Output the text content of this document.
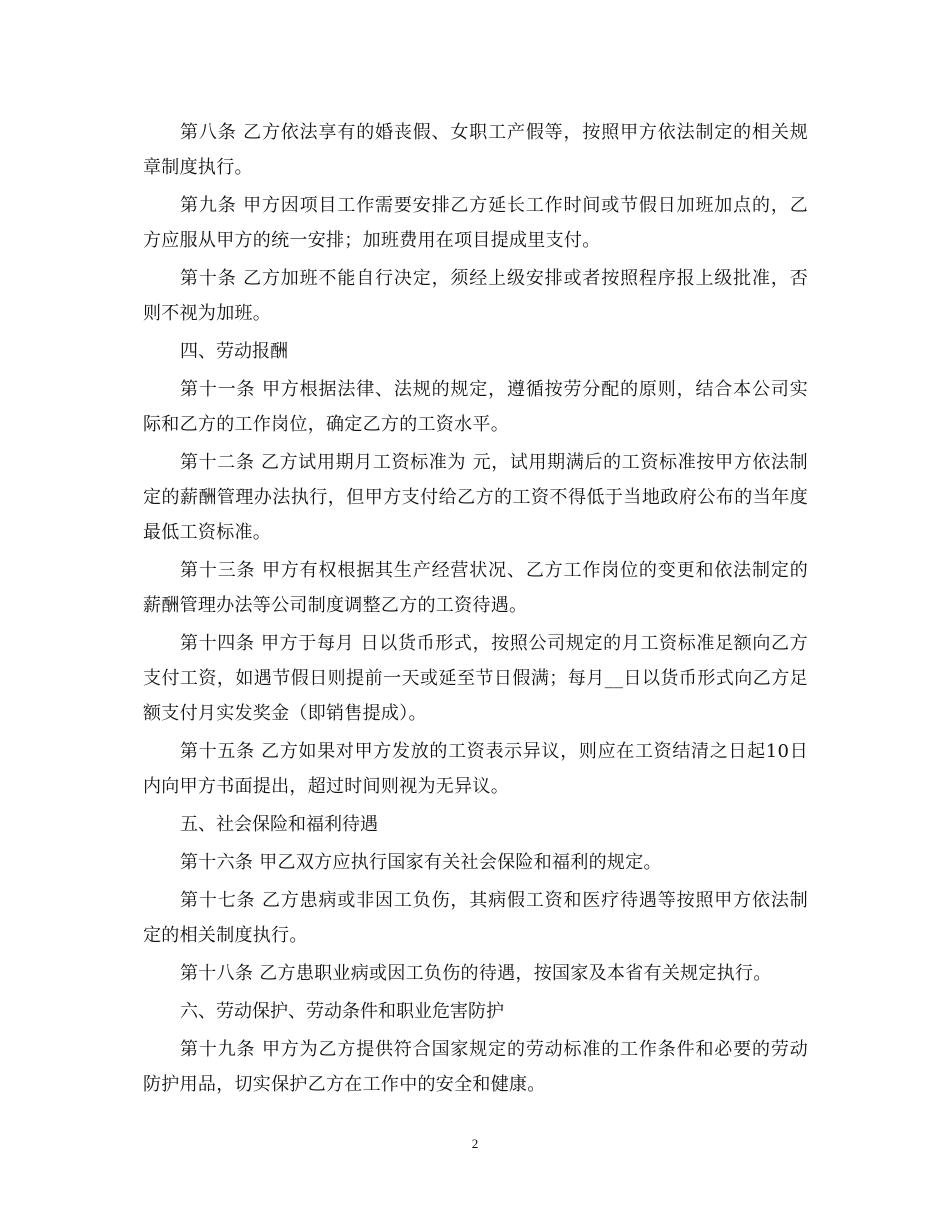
第八条 乙方依法享有的婚丧假、女职工产假等，按照甲方依法制定的相关规章制度执行。

第九条 甲方因项目工作需要安排乙方延长工作时间或节假日加班加点的，乙方应服从甲方的统一安排；加班费用在项目提成里支付。

第十条 乙方加班不能自行决定，须经上级安排或者按照程序报上级批准，否则不视为加班。

四、劳动报酬

第十一条 甲方根据法律、法规的规定，遵循按劳分配的原则，结合本公司实际和乙方的工作岗位，确定乙方的工资水平。

第十二条 乙方试用期月工资标准为 元，试用期满后的工资标准按甲方依法制定的薪酬管理办法执行，但甲方支付给乙方的工资不得低于当地政府公布的当年度最低工资标准。

第十三条 甲方有权根据其生产经营状况、乙方工作岗位的变更和依法制定的薪酬管理办法等公司制度调整乙方的工资待遇。

第十四条 甲方于每月 日以货币形式，按照公司规定的月工资标准足额向乙方支付工资，如遇节假日则提前一天或延至节日假满；每月__日以货币形式向乙方足额支付月实发奖金（即销售提成）。

第十五条 乙方如果对甲方发放的工资表示异议，则应在工资结清之日起10日内向甲方书面提出，超过时间则视为无异议。

五、社会保险和福利待遇

第十六条 甲乙双方应执行国家有关社会保险和福利的规定。

第十七条 乙方患病或非因工负伤，其病假工资和医疗待遇等按照甲方依法制定的相关制度执行。

第十八条 乙方患职业病或因工负伤的待遇，按国家及本省有关规定执行。

六、劳动保护、劳动条件和职业危害防护

第十九条 甲方为乙方提供符合国家规定的劳动标准的工作条件和必要的劳动防护用品，切实保护乙方在工作中的安全和健康。

2
